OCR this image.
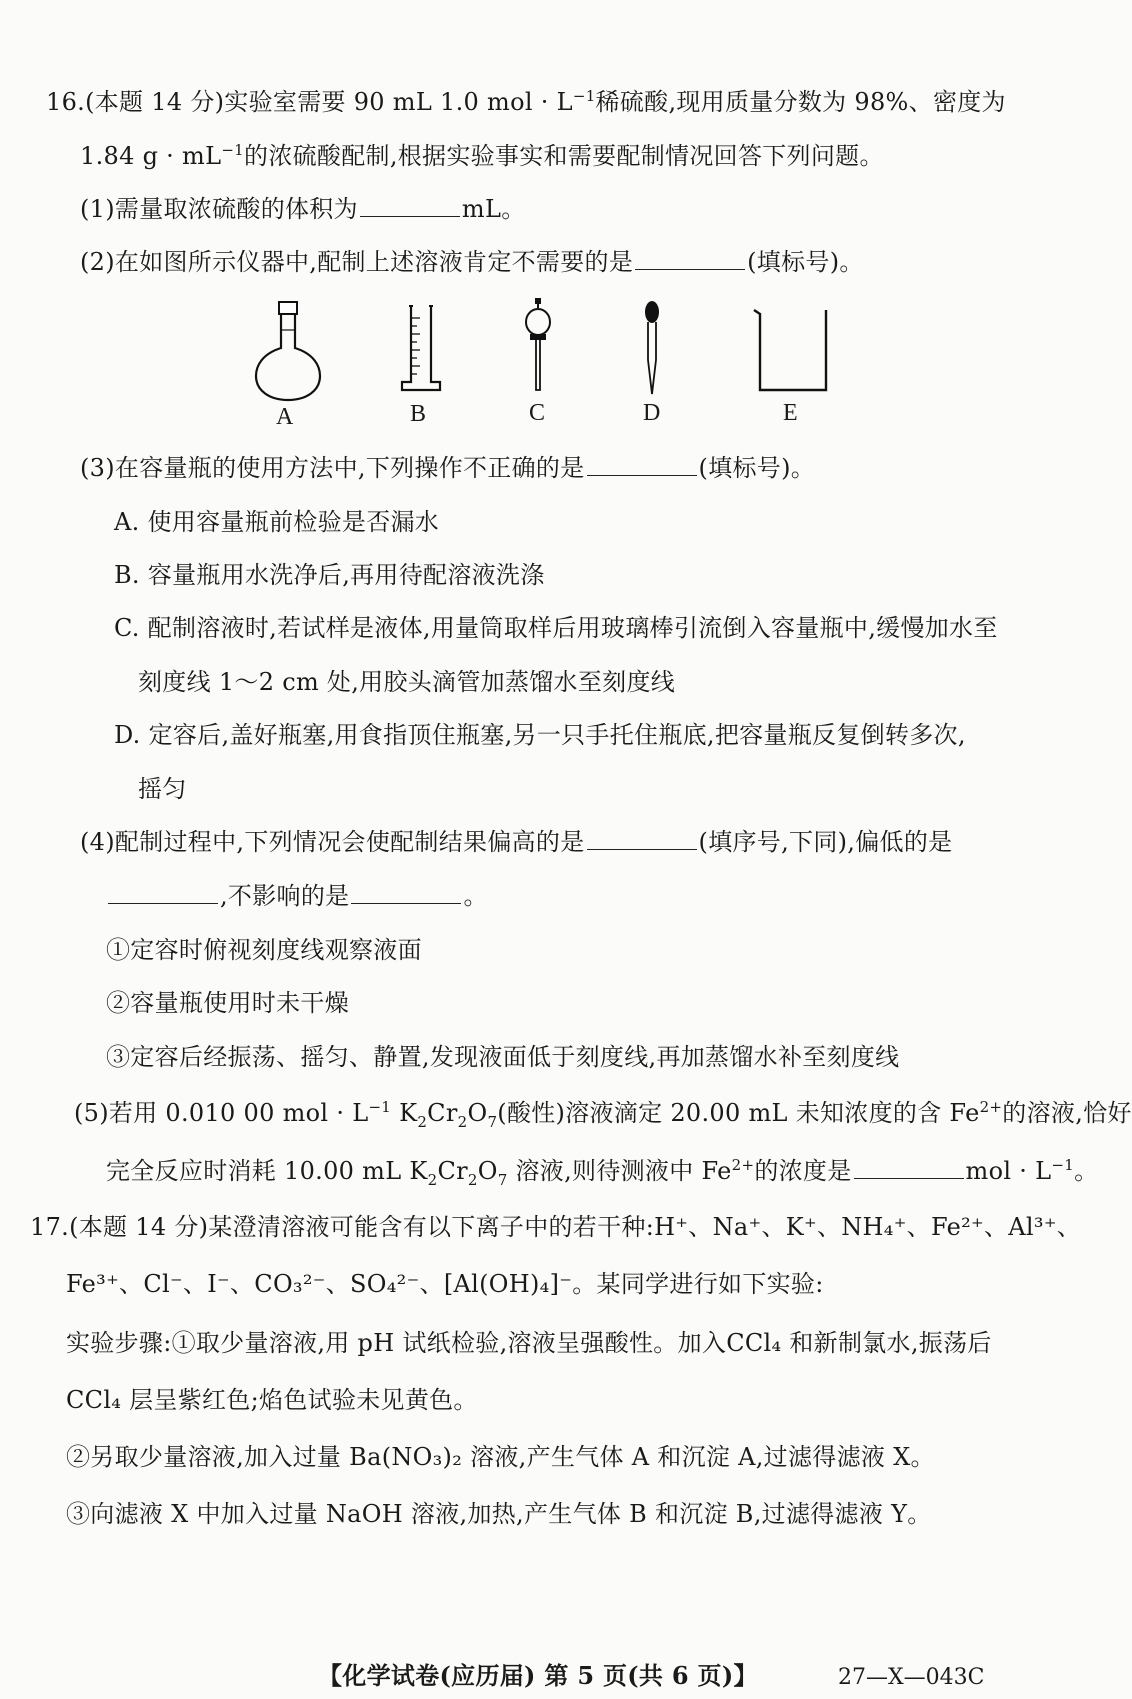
16.(本题 14 分)实验室需要 90 mL 1.0 mol · $L^{-1}$稀硫酸,现用质量分数为 98%、密度为
1.84 $g \cdot mL^{-1}$的浓硫酸配制,根据实验事实和需要配制情况回答下列问题。
(1)需量取浓硫酸的体积为	mL。
(2)在如图所示仪器中,配制上述溶液肯定不需要的是	(填标号)。
A	B	C	D	E
(3)在容量瓶的使用方法中,下列操作不正确的是	(填标号)。
A. 使用容量瓶前检验是否漏水
B. 容量瓶用水洗净后,再用待配溶液洗涤
C. 配制溶液时,若试样是液体,用量筒取样后用玻璃棒引流倒入容量瓶中,缓慢加水至
刻度线 1～2 cm 处,用胶头滴管加蒸馏水至刻度线
D. 定容后,盖好瓶塞,用食指顶住瓶塞,另一只手托住瓶底,把容量瓶反复倒转多次,
摇匀
(4)配制过程中,下列情况会使配制结果偏高的是	(填序号,下同),偏低的是
,不影响的是	。
①定容时俯视刻度线观察液面
②容量瓶使用时未干燥
③定容后经振荡、摇匀、静置,发现液面低于刻度线,再加蒸馏水补至刻度线
(5)若用 0.010 00 mol · $L^{-1}$ $K_2Cr_2O_7$(酸性)溶液滴定 20.00 mL 未知浓度的含 $Fe^{2+}$的溶液,恰好
完全反应时消耗 10.00 mL $K_2Cr_2O_7$ 溶液,则待测液中 $Fe^{2+}$的浓度是	mol · $L^{-1}$。
17.(本题 14 分)某澄清溶液可能含有以下离子中的若干种:H⁺、Na⁺、K⁺、NH₄⁺、Fe²⁺、Al³⁺、
Fe³⁺、Cl⁻、I⁻、CO₃²⁻、SO₄²⁻、[Al(OH)₄]⁻。某同学进行如下实验:
实验步骤:①取少量溶液,用 pH 试纸检验,溶液呈强酸性。加入CCl₄ 和新制氯水,振荡后
CCl₄ 层呈紫红色;焰色试验未见黄色。
②另取少量溶液,加入过量 Ba(NO₃)₂ 溶液,产生气体 A 和沉淀 A,过滤得滤液 X。
③向滤液 X 中加入过量 NaOH 溶液,加热,产生气体 B 和沉淀 B,过滤得滤液 Y。
【化学试卷(应历届) 第 5 页(共 6 页)】	27—X—043C
